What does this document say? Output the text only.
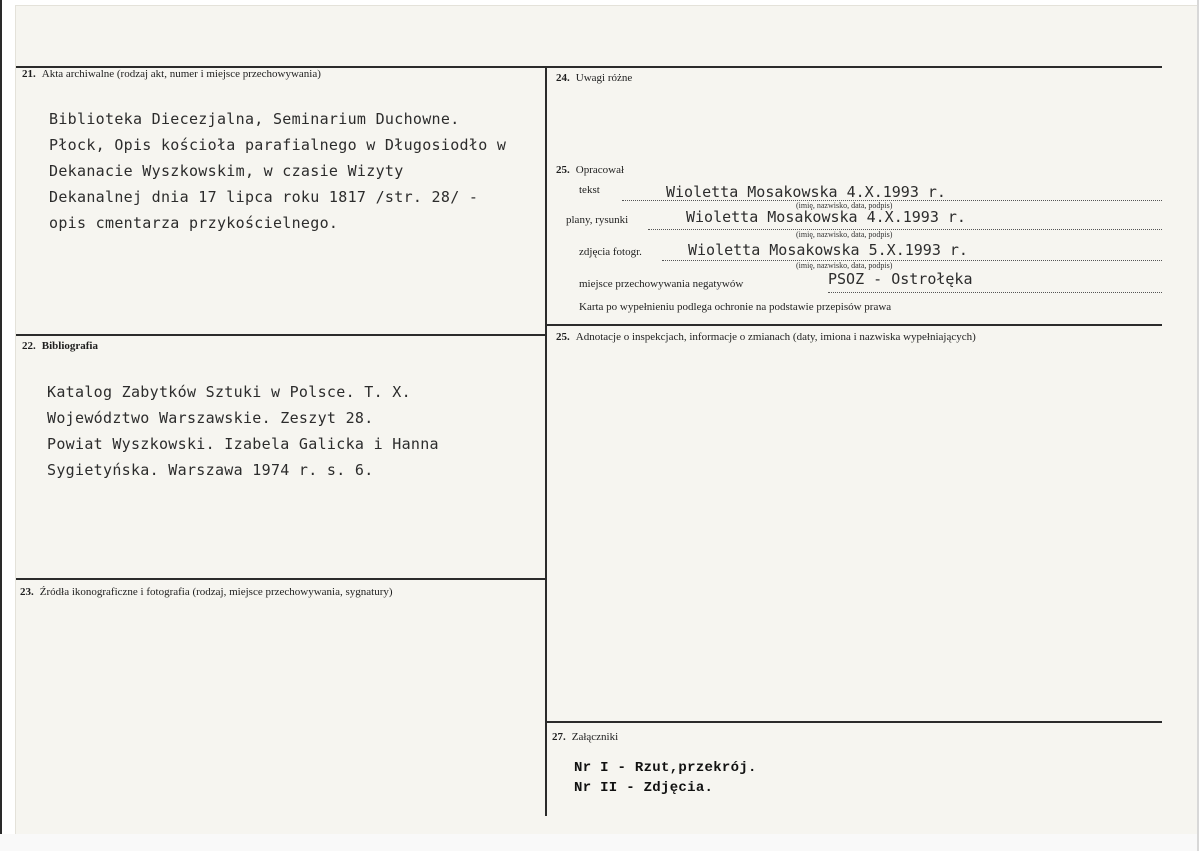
21. Akta archiwalne (rodzaj akt, numer i miejsce przechowywania)
Biblioteka Diecezjalna, Seminarium Duchowne.
Płock, Opis kościoła parafialnego w Długosiodło w
Dekanacie Wyszkowskim, w czasie Wizyty
Dekanalnej dnia 17 lipca roku 1817 /str. 28/ -
opis cmentarza przykościelnego.
22. Bibliografia
Katalog Zabytków Sztuki w Polsce. T. X.
Województwo Warszawskie. Zeszyt 28.
Powiat Wyszkowski. Izabela Galicka i Hanna
Sygietyńska. Warszawa 1974 r. s. 6.
23. Źródła ikonograficzne i fotografia (rodzaj, miejsce przechowywania, sygnatury)
24. Uwagi różne
25. Opracował
tekst	Wioletta Mosakowska 4.X.1993 r.
(imię, nazwisko, data, podpis)
plany, rysunki	Wioletta Mosakowska 4.X.1993 r.
(imię, nazwisko, data, podpis)
zdjęcia fotogr.	Wioletta Mosakowska 5.X.1993 r.
(imię, nazwisko, data, podpis)
miejsce przechowywania negatywów	PSOZ - Ostrołęka
Karta po wypełnieniu podlega ochronie na podstawie przepisów prawa
25. Adnotacje o inspekcjach, informacje o zmianach (daty, imiona i nazwiska wypełniających)
27. Załączniki
Nr I - Rzut,przekrój.
Nr II - Zdjęcia.
